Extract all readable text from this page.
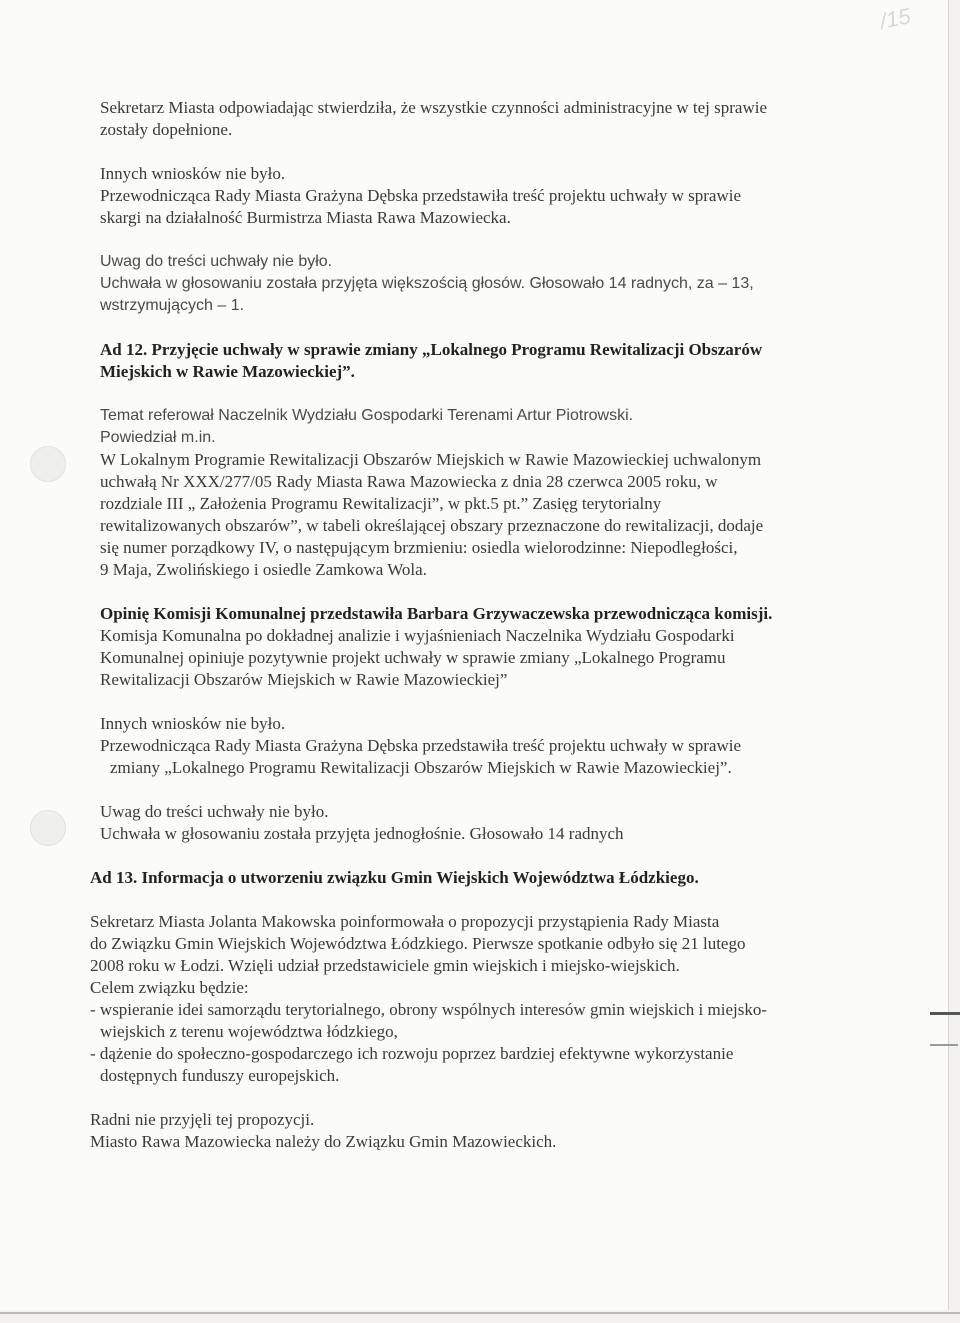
/15

Sekretarz Miasta odpowiadając stwierdziła, że wszystkie czynności administracyjne w tej sprawie

zostały dopełnione.

Innych wniosków nie było.

Przewodnicząca Rady Miasta Grażyna Dębska przedstawiła treść projektu uchwały w sprawie

skargi na działalność Burmistrza Miasta Rawa Mazowiecka.

Uwag do treści uchwały nie było.

Uchwała w głosowaniu została przyjęta większością głosów. Głosowało 14 radnych, za – 13,

wstrzymujących – 1.

Ad 12. Przyjęcie uchwały w sprawie zmiany „Lokalnego Programu Rewitalizacji Obszarów

Miejskich w Rawie Mazowieckiej”.

Temat referował Naczelnik Wydziału Gospodarki Terenami Artur Piotrowski.

Powiedział m.in.

W Lokalnym Programie Rewitalizacji Obszarów Miejskich w Rawie Mazowieckiej uchwalonym

uchwałą Nr XXX/277/05 Rady Miasta Rawa Mazowiecka z dnia 28 czerwca 2005 roku, w

rozdziale III „ Założenia Programu Rewitalizacji”, w pkt.5 pt.” Zasięg terytorialny

rewitalizowanych obszarów”, w tabeli określającej obszary przeznaczone do rewitalizacji, dodaje

się numer porządkowy IV, o następującym brzmieniu: osiedla wielorodzinne: Niepodległości,

9 Maja, Zwolińskiego i osiedle Zamkowa Wola.

Opinię Komisji Komunalnej przedstawiła Barbara Grzywaczewska przewodnicząca komisji.

Komisja Komunalna po dokładnej analizie i wyjaśnieniach Naczelnika Wydziału Gospodarki

Komunalnej opiniuje pozytywnie projekt uchwały w sprawie zmiany „Lokalnego Programu

Rewitalizacji Obszarów Miejskich w Rawie Mazowieckiej”

Innych wniosków nie było.

Przewodnicząca Rady Miasta Grażyna Dębska przedstawiła treść projektu uchwały w sprawie

zmiany „Lokalnego Programu Rewitalizacji Obszarów Miejskich w Rawie Mazowieckiej”.

Uwag do treści uchwały nie było.

Uchwała w głosowaniu została przyjęta jednogłośnie. Głosowało 14 radnych

Ad 13. Informacja o utworzeniu związku Gmin Wiejskich Województwa Łódzkiego.

Sekretarz Miasta Jolanta Makowska poinformowała o propozycji przystąpienia Rady Miasta

do Związku Gmin Wiejskich Województwa Łódzkiego. Pierwsze spotkanie odbyło się 21 lutego

2008 roku w Łodzi. Wzięli udział przedstawiciele gmin wiejskich i miejsko-wiejskich.

Celem związku będzie:

- wspieranie idei samorządu terytorialnego, obrony wspólnych interesów gmin wiejskich i miejsko-

wiejskich z terenu województwa łódzkiego,

- dążenie do społeczno-gospodarczego ich rozwoju poprzez bardziej efektywne wykorzystanie

dostępnych funduszy europejskich.

Radni nie przyjęli tej propozycji.

Miasto Rawa Mazowiecka należy do Związku Gmin Mazowieckich.
